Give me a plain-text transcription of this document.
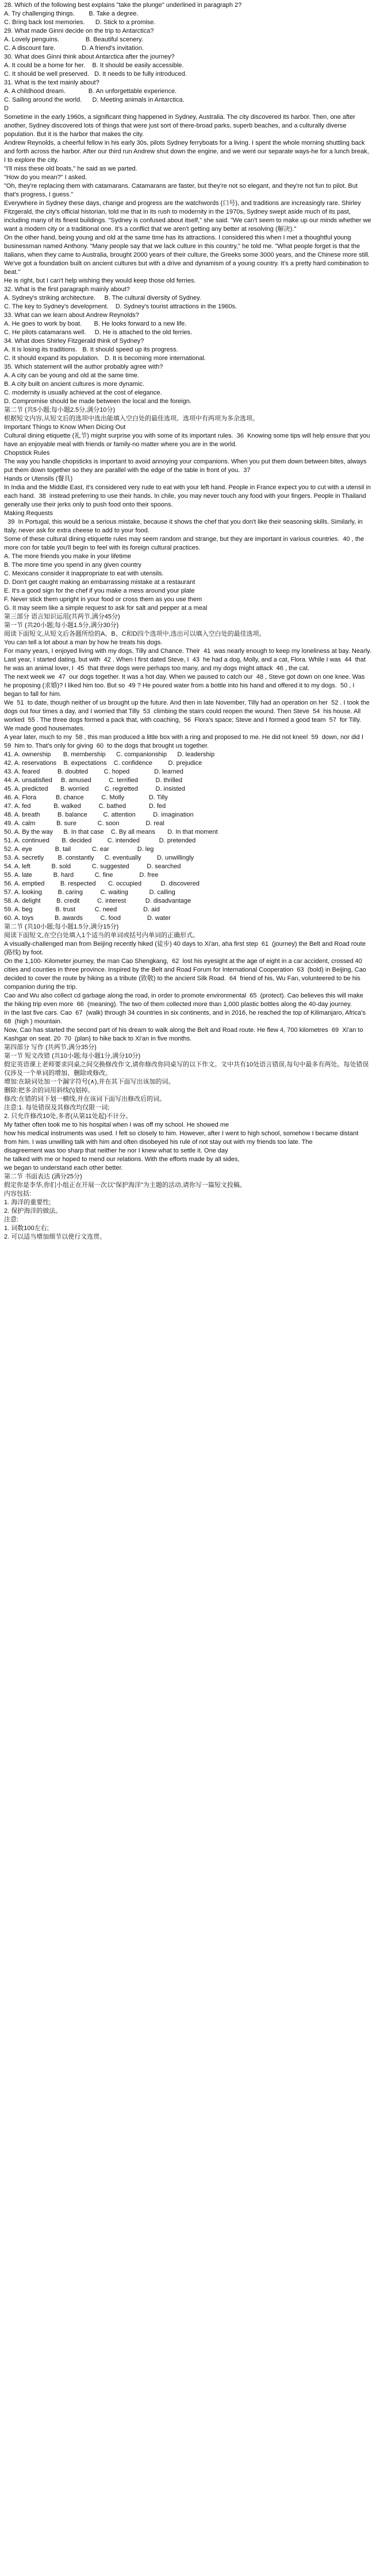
28. Which of the following best explains "take the plunge" underlined in paragraph 2?

A. Try challenging things.        B. Take a degree.

C. Bring back lost memories.      D. Stick to a promise.

29. What made Ginni decide on the trip to Antarctica?

A. Lovely penguins.               B. Beautiful scenery.

C. A discount fare.               D. A friend's invitation.

30. What does Ginni think about Antarctica after the journey?

A. It could be a home for her.    B. It should be easily accessible.

C. It should be well preserved.   D. It needs to be fully introduced.

31. What is the text mainly about?

A. A childhood dream.             B. An unforgettable experience.

C. Sailing around the world.      D. Meeting animals in Antarctica.

D

Sometime in the early 1960s, a significant thing happened in Sydney, Australia. The city discovered its harbor. Then, one after another, Sydney discovered lots of things that were just sort of there-broad parks, superb beaches, and a culturally diverse population. But it is the harbor that makes the city.

Andrew Reynolds, a cheerful fellow in his early 30s, pilots Sydney ferryboats for a living. I spent the whole morning shuttling back and forth across the harbor. After our third run Andrew shut down the engine, and we went our separate ways-he for a lunch break, I to explore the city.

"I'll miss these old boats," he said as we parted.

"How do you mean?" I asked.

"Oh, they're replacing them with catamarans. Catamarans are faster, but they're not so elegant, and they're not fun to pilot. But that's progress, I guess."

Everywhere in Sydney these days, change and progress are the watchwords (口号), and traditions are increasingly rare. Shirley Fitzgerald, the city's official historian, told me that in its rush to modernity in the 1970s, Sydney swept aside much of its past, including many of its finest buildings. "Sydney is confused about itself," she said. "We can't seem to make up our minds whether we want a modern city or a traditional one. It's a conflict that we aren't getting any better at resolving (解决)."

On the other hand, being young and old at the same time has its attractions. I considered this when I met a thoughtful young businessman named Anthony. "Many people say that we lack culture in this country," he told me. "What people forget is that the Italians, when they came to Australia, brought 2000 years of their culture, the Greeks some 3000 years, and the Chinese more still. We've got a foundation built on ancient cultures but with a drive and dynamism of a young country. It's a pretty hard combination to beat."

He is right, but I can't help wishing they would keep those old ferries.

32. What is the first paragraph mainly about?

A. Sydney's striking architecture.     B. The cultural diversity of Sydney.

C. The key to Sydney's development.    D. Sydney's tourist attractions in the 1960s.

33. What can we learn about Andrew Reynolds?

A. He goes to work by boat.       B. He looks forward to a new life.

C. He pilots catamarans well.     D. He is attached to the old ferries.

34. What does Shirley Fitzgerald think of Sydney?

A. It is losing its traditions.   B. It should speed up its progress.

C. It should expand its population.   D. It is becoming more international.

35. Which statement will the author probably agree with?

A. A city can be young and old at the same time.

B. A city built on ancient cultures is more dynamic.

C. modernity is usually achieved at the cost of elegance.

D. Compromise should be made between the local and the foreign.

第二节 (共5小题;每小题2.5分,满分10分)

根据短文内容,从短文后的选项中选出能填入空白处的最佳选项。选项中有两项为多余选项。

Important Things to Know When Dicing Out

Cultural dining etiquette (礼节) might surprise you with some of its important rules.  36  Knowing some tips will help ensure that you have an enjoyable meal with friends or family-no matter where you are in the world.

Chopstick Rules

The way you handle chopsticks is important to avoid annoying your companions. When you put them down between bites, always put them down together so they are parallel with the edge of the table in front of you.  37

Hands or Utensils (餐具)

In India and the Middle East, it's considered very rude to eat with your left hand. People in France expect you to cut with a utensil in each hand.  38  instead preferring to use their hands. In chile, you may never touch any food with your fingers. People in Thailand generally use their jerks only to push food onto their spoons.

Making Requests

39  In Portugal, this would be a serious mistake, because it shows the chef that you don't like their seasoning skills. Similarly, in Italy, never ask for extra cheese to add to your food.

Some of these cultural dining etiquette rules may seem random and strange, but they are important in various countries.  40 , the more con for table you'll begin to feel with its foreign cultural practices.

A. The more friends you make in your lifetime

B. The more time you spend in any given country

C. Mexicans consider it inappropriate to eat with utensils.

D. Don't get caught making an embarrassing mistake at a restaurant

E. It's a good sign for the chef if you make a mess around your plate

F. Never stick them upright in your food or cross them as you use them

G. It may seem like a simple request to ask for salt and pepper at a meal

第三部分 语言知识运用(共两节,满分45分)

第一节 (共20小题;每小题1.5分,满分30分)

阅读下面短文,从短文后各题所给的A、B、C和D四个选项中,选出可以填入空白处的最佳选项。

You can tell a lot about a man by how he treats his dogs.

For many years, I enjoyed living with my dogs, Tilly and Chance. Their  41  was nearly enough to keep my loneliness at bay. Nearly. Last year, I started dating, but with  42 . When I first dated Steve, I  43  he had a dog, Molly, and a cat, Flora. While I was  44  that he was an animal lover, I  45  that three dogs were perhaps too many, and my dogs might attack  46 , the cat.

The next week we  47  our dogs together. It was a hot day. When we paused to catch our  48 , Steve got down on one knee. Was he proposing (求婚)? I liked him too. But so  49 ? He poured water from a bottle into his hand and offered it to my dogs.  50 , I began to fall for him.

We  51  to date, though neither of us brought up the future. And then in late November, Tilly had an operation on her  52 . I took the dogs out four times a day, and I worried that Tilly  53  climbing the stairs could reopen the wound. Then Steve  54  his house. All worked  55 . The three dogs formed a pack that, with coaching,  56  Flora's space; Steve and I formed a good team  57  for Tilly. We made good housemates.

A year later, much to my  58 , this man produced a little box with a ring and proposed to me. He did not kneel  59  down, nor did I  59  him to. That's only for giving  60  to the dogs that brought us together.

41. A. ownership       B. membership      C. companionship      D. leadership

42. A. reservations    B. expectations    C. confidence         D. prejudice

43. A. feared          B. doubted         C. hoped              D. learned

44. A. unsatisfied     B. amused          C. terrified          D. thrilled

45. A. predicted       B. worried         C. regretted          D. insisted

46. A. Flora           B. chance          C. Molly              D. Tilly

47. A. fed             B. walked          C. bathed             D. fed

48. A. breath          B. balance         C. attention          D. imagination

49. A. calm            B. sure            C. soon               D. real

50. A. By the way      B. In that case    C. By all means       D. In that moment

51. A. continued       B. decided         C. intended           D. pretended

52. A. eye             B. tail            C. ear                D. leg

53. A. secretly        B. constantly      C. eventually         D. unwillingly

54. A. left            B. sold            C. suggested          D. searched

55. A. late            B. hard            C. fine               D. free

56. A. emptied         B. respected       C. occupied           D. discovered

57. A. looking         B. caring          C. waiting            D. calling

58. A. delight         B. credit          C. interest           D. disadvantage

59. A. beg             B. trust           C. need               D. aid

60. A. toys            B. awards          C. food               D. water

第二节 (共10小题;每小题1.5分,满分15分)

阅读下面短文,在空白处填入1个适当的单词或括号内单词的正确形式。

A visually-challenged man from Beijing recently hiked (徒步) 40 days to Xi'an, aha first step  61  (journey) the Belt and Road route (路线) by foot.

On the 1,100- Kilometer journey, the man Cao Shengkang,  62  lost his eyesight at the age of eight in a car accident, crossed 40 cities and counties in three province. Inspired by the Belt and Road Forum for International Cooperation  63  (bold) in Beijing, Cao decided to cover the route by hiking as a tribute (致敬) to the ancient Silk Road.  64  friend of his, Wu Fan, volunteered to be his companion during the trip.

Cao and Wu also collect cd garbage along the road, in order to promote environmental  65  (protect). Cao believes this will make the hiking trip even more  66  (meaning). The two of them collected more than 1,000 plastic bottles along the 40-day journey.

In the last five cars. Cao  67  (walk) through 34 countries in six continents, and in 2016, he reached the top of Kilimanjaro, Africa's  68  (high ) mountain.

Now, Cao has started the second part of his dream to walk along the Belt and Road route. He flew 4, 700 kilometres  69  Xi'an to Kashgar on seat. 20  70  (plan) to hike back to Xi'an in five months.

第四部分 写作 (共两节,满分35分)

第一节 短文改错 (共10小题;每小题1分,满分10分)

假定英语课上老师要求同桌之间交换修改作文,请你修改你同桌写的以下作文。文中共有10处语言错误,每句中最多有两处。每处错误仅涉及一个单词的增加、删除或修改。

增加:在缺词处加一个漏字符号(∧),并在其下面写出该加的词。

删除:把多余的词用斜线(\)划掉。

修改:在错的词下划一横线,并在该词下面写出修改后的词。

注意:1. 每处错误及其修改均仅限一词;

2. 只允许修改10处,多者(从第11处起)不计分。

My father often took me to his hospital when I was off my school. He showed me

how his medical instruments was used. I felt so closely to him. However, after I went to high school, somehow I became distant from him. I was unwilling talk with him and often disobeyed his rule of not stay out with my friends too late. The

disagreement was too sharp that neither he nor I knew what to settle it. One day

he talked with me or hoped to mend our relations. With the efforts made by all sides,

we began to understand each other better.

第二节 书面表达 (满分25分)

假定你是李华,你们小组正在开展一次以"保护海洋"为主题的活动,请你写一篇短文投稿。

内容包括:

1. 海洋的重要性;

2. 保护海洋的做法。

注意:

1. 词数100左右;

2. 可以适当增加细节以使行文连贯。
